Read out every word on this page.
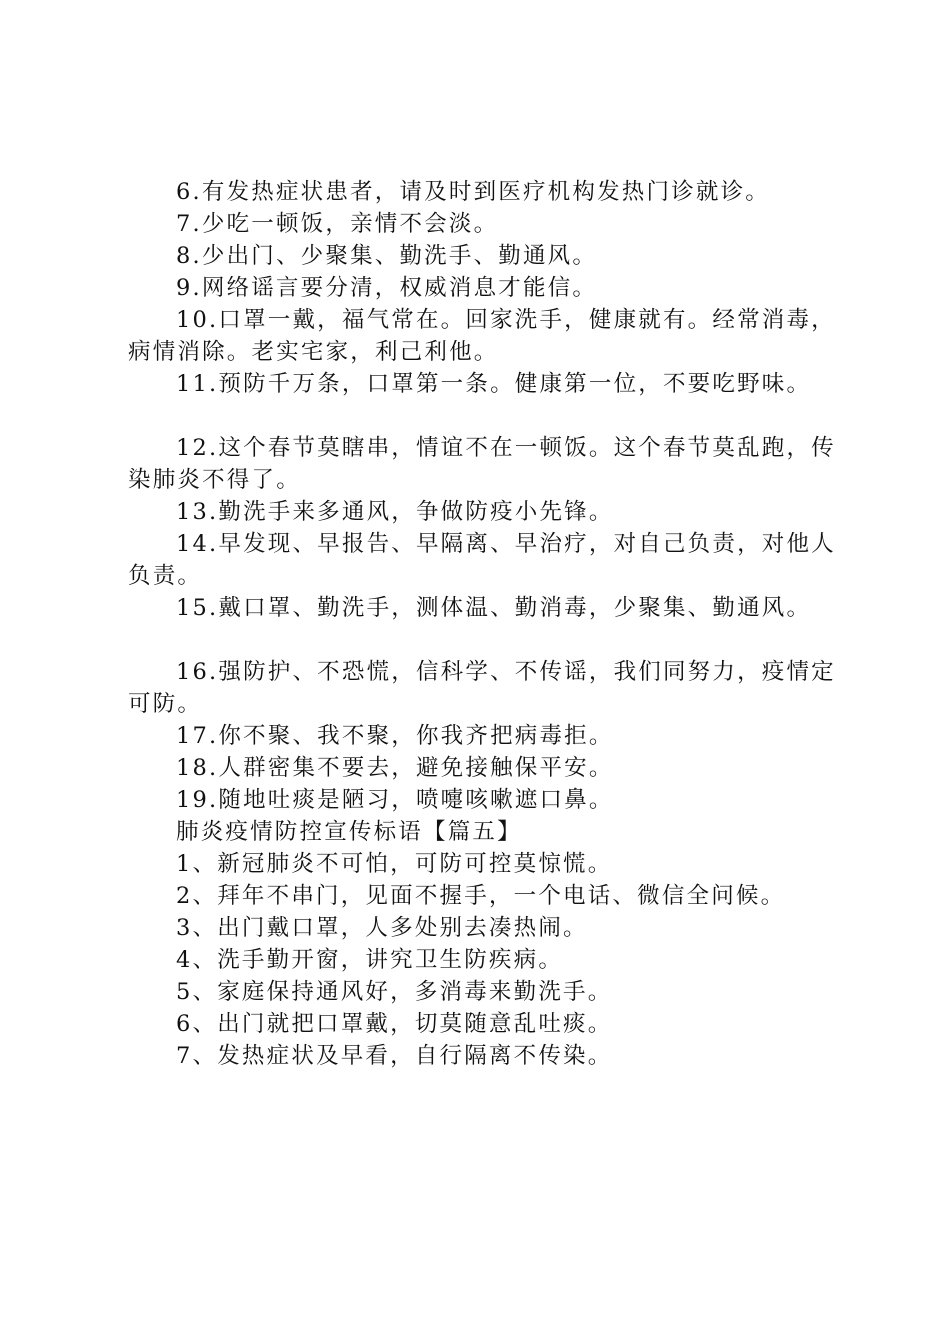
6.有发热症状患者，请及时到医疗机构发热门诊就诊。

7.少吃一顿饭，亲情不会淡。

8.少出门、少聚集、勤洗手、勤通风。

9.网络谣言要分清，权威消息才能信。

10.口罩一戴，福气常在。回家洗手，健康就有。经常消毒，病情消除。老实宅家，利己利他。

11.预防千万条，口罩第一条。健康第一位，不要吃野味。

12.这个春节莫瞎串，情谊不在一顿饭。这个春节莫乱跑，传染肺炎不得了。

13.勤洗手来多通风，争做防疫小先锋。

14.早发现、早报告、早隔离、早治疗，对自己负责，对他人负责。

15.戴口罩、勤洗手，测体温、勤消毒，少聚集、勤通风。

16.强防护、不恐慌，信科学、不传谣，我们同努力，疫情定可防。

17.你不聚、我不聚，你我齐把病毒拒。

18.人群密集不要去，避免接触保平安。

19.随地吐痰是陋习，喷嚏咳嗽遮口鼻。

肺炎疫情防控宣传标语【篇五】

1、新冠肺炎不可怕，可防可控莫惊慌。

2、拜年不串门，见面不握手，一个电话、微信全问候。

3、出门戴口罩，人多处别去凑热闹。

4、洗手勤开窗，讲究卫生防疾病。

5、家庭保持通风好，多消毒来勤洗手。

6、出门就把口罩戴，切莫随意乱吐痰。

7、发热症状及早看，自行隔离不传染。
